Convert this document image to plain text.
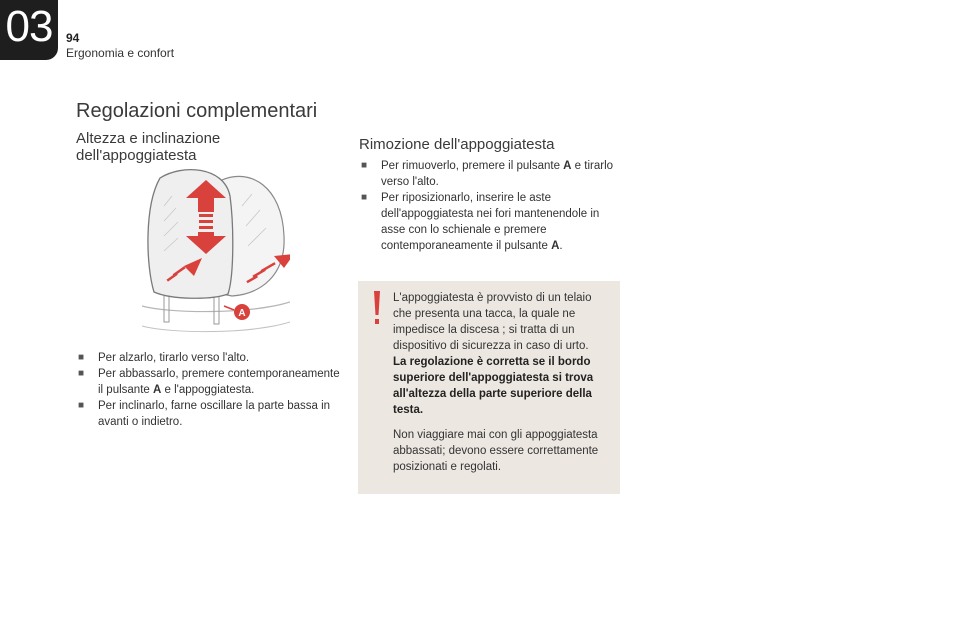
03	94
Ergonomia e confort
Regolazioni complementari
Altezza e inclinazione dell'appoggiatesta
A
■ Per alzarlo, tirarlo verso l'alto.
■ Per abbassarlo, premere contemporaneamente il pulsante A e l'appoggiatesta.
■ Per inclinarlo, farne oscillare la parte bassa in avanti o indietro.
Rimozione dell'appoggiatesta
■ Per rimuoverlo, premere il pulsante A e tirarlo verso l'alto.
■ Per riposizionarlo, inserire le aste dell'appoggiatesta nei fori mantenendole in asse con lo schienale e premere contemporaneamente il pulsante A.

L'appoggiatesta è provvisto di un telaio che presenta una tacca, la quale ne impedisce la discesa ; si tratta di un dispositivo di sicurezza in caso di urto.
La regolazione è corretta se il bordo superiore dell'appoggiatesta si trova all'altezza della parte superiore della testa.

Non viaggiare mai con gli appoggiatesta abbassati; devono essere correttamente posizionati e regolati.
